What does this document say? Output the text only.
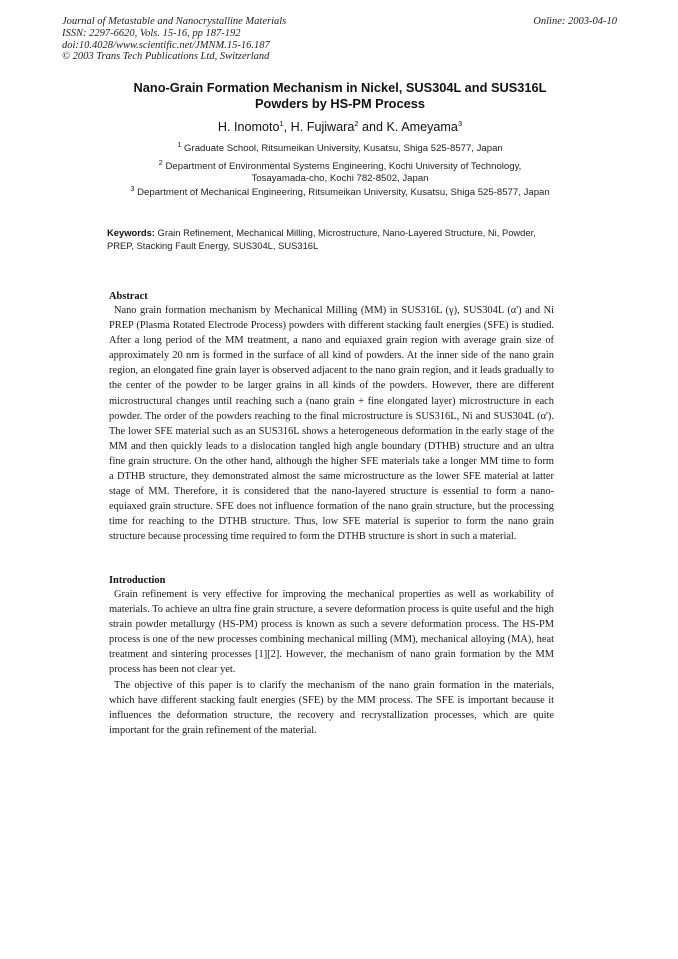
Journal of Metastable and Nanocrystalline Materials
ISSN: 2297-6620, Vols. 15-16, pp 187-192
doi:10.4028/www.scientific.net/JMNM.15-16.187
© 2003 Trans Tech Publications Ltd, Switzerland
Online: 2003-04-10
Nano-Grain Formation Mechanism in Nickel, SUS304L and SUS316L
Powders by HS-PM Process
H. Inomoto$^1$, H. Fujiwara$^2$ and K. Ameyama$^3$
$^1$ Graduate School, Ritsumeikan University, Kusatsu, Shiga 525-8577, Japan
$^2$ Department of Environmental Systems Engineering, Kochi University of Technology,
Tosayamada-cho, Kochi 782-8502, Japan
$^3$ Department of Mechanical Engineering, Ritsumeikan University, Kusatsu, Shiga 525-8577, Japan
Keywords: Grain Refinement, Mechanical Milling, Microstructure, Nano-Layered Structure, Ni, Powder, PREP, Stacking Fault Energy, SUS304L, SUS316L
Abstract

Nano grain formation mechanism by Mechanical Milling (MM) in SUS316L (γ), SUS304L (α') and Ni PREP (Plasma Rotated Electrode Process) powders with different stacking fault energies (SFE) is studied. After a long period of the MM treatment, a nano and equiaxed grain region with average grain size of approximately 20 nm is formed in the surface of all kind of powders. At the inner side of the nano grain region, an elongated fine grain layer is observed adjacent to the nano grain region, and it leads gradually to the center of the powder to be larger grains in all kinds of the powders. However, there are different microstructural changes until reaching such a (nano grain + fine elongated layer) microstructure in each powder. The order of the powders reaching to the final microstructure is SUS316L, Ni and SUS304L (α'). The lower SFE material such as an SUS316L shows a heterogeneous deformation in the early stage of the MM and then quickly leads to a dislocation tangled high angle boundary (DTHB) structure and an ultra fine grain structure. On the other hand, although the higher SFE materials take a longer MM time to form a DTHB structure, they demonstrated almost the same microstructure as the lower SFE material at latter stage of MM. Therefore, it is considered that the nano-layered structure is essential to form a nano-equiaxed grain structure. SFE does not influence formation of the nano grain structure, but the processing time for reaching to the DTHB structure. Thus, low SFE material is superior to form the nano grain structure because processing time required to form the DTHB structure is short in such a material.

Introduction

Grain refinement is very effective for improving the mechanical properties as well as workability of materials. To achieve an ultra fine grain structure, a severe deformation process is quite useful and the high strain powder metallurgy (HS-PM) process is known as such a severe deformation process. The HS-PM process is one of the new processes combining mechanical milling (MM), mechanical alloying (MA), heat treatment and sintering processes [1][2]. However, the mechanism of nano grain formation by the MM process has been not clear yet.

The objective of this paper is to clarify the mechanism of the nano grain formation in the materials, which have different stacking fault energies (SFE) by the MM process. The SFE is important because it influences the deformation structure, the recovery and recrystallization processes, which are quite important for the grain refinement of the material.
